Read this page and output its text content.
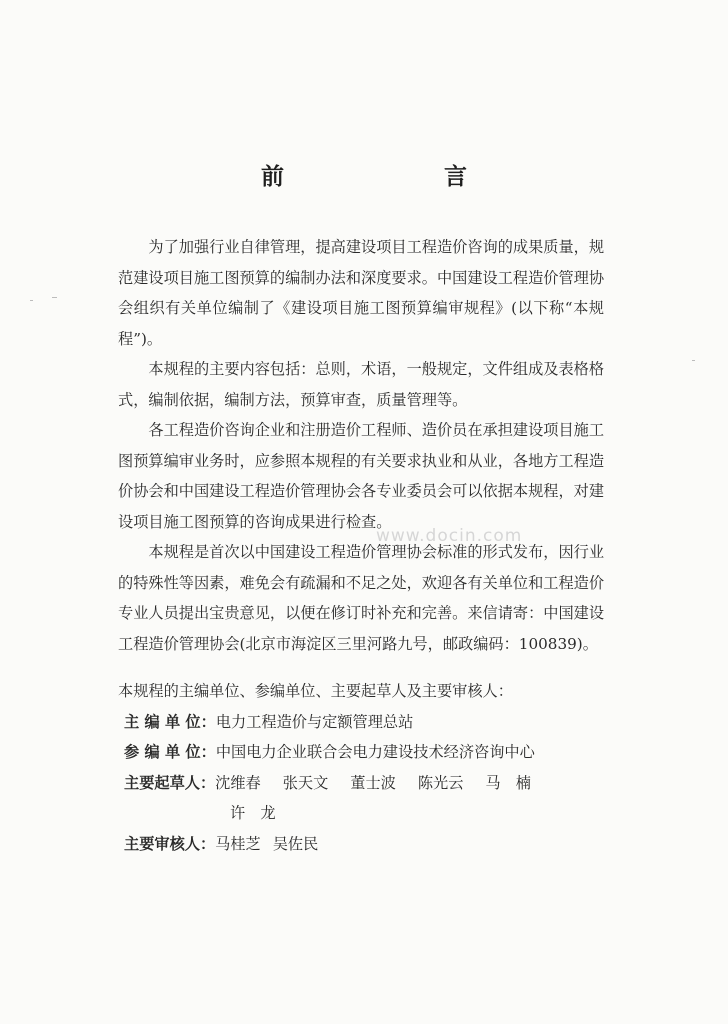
前　　言

为了加强行业自律管理，提高建设项目工程造价咨询的成果质量，规范建设项目施工图预算的编制办法和深度要求。中国建设工程造价管理协会组织有关单位编制了《建设项目施工图预算编审规程》(以下称“本规程”)。

本规程的主要内容包括：总则，术语，一般规定，文件组成及表格格式，编制依据，编制方法，预算审查，质量管理等。

各工程造价咨询企业和注册造价工程师、造价员在承担建设项目施工图预算编审业务时，应参照本规程的有关要求执业和从业，各地方工程造价协会和中国建设工程造价管理协会各专业委员会可以依据本规程，对建设项目施工图预算的咨询成果进行检查。

本规程是首次以中国建设工程造价管理协会标准的形式发布，因行业的特殊性等因素，难免会有疏漏和不足之处，欢迎各有关单位和工程造价专业人员提出宝贵意见，以便在修订时补充和完善。来信请寄：中国建设工程造价管理协会(北京市海淀区三里河路九号，邮政编码：100839)。

www.docin.com
本规程的主编单位、参编单位、主要起草人及主要审核人：
主 编 单 位：电力工程造价与定额管理总站
参 编 单 位：中国电力企业联合会电力建设技术经济咨询中心
主要起草人：沈维春 张天文 董士波 陈光云 马　楠
许　龙
主要审核人：马桂芝 吴佐民
